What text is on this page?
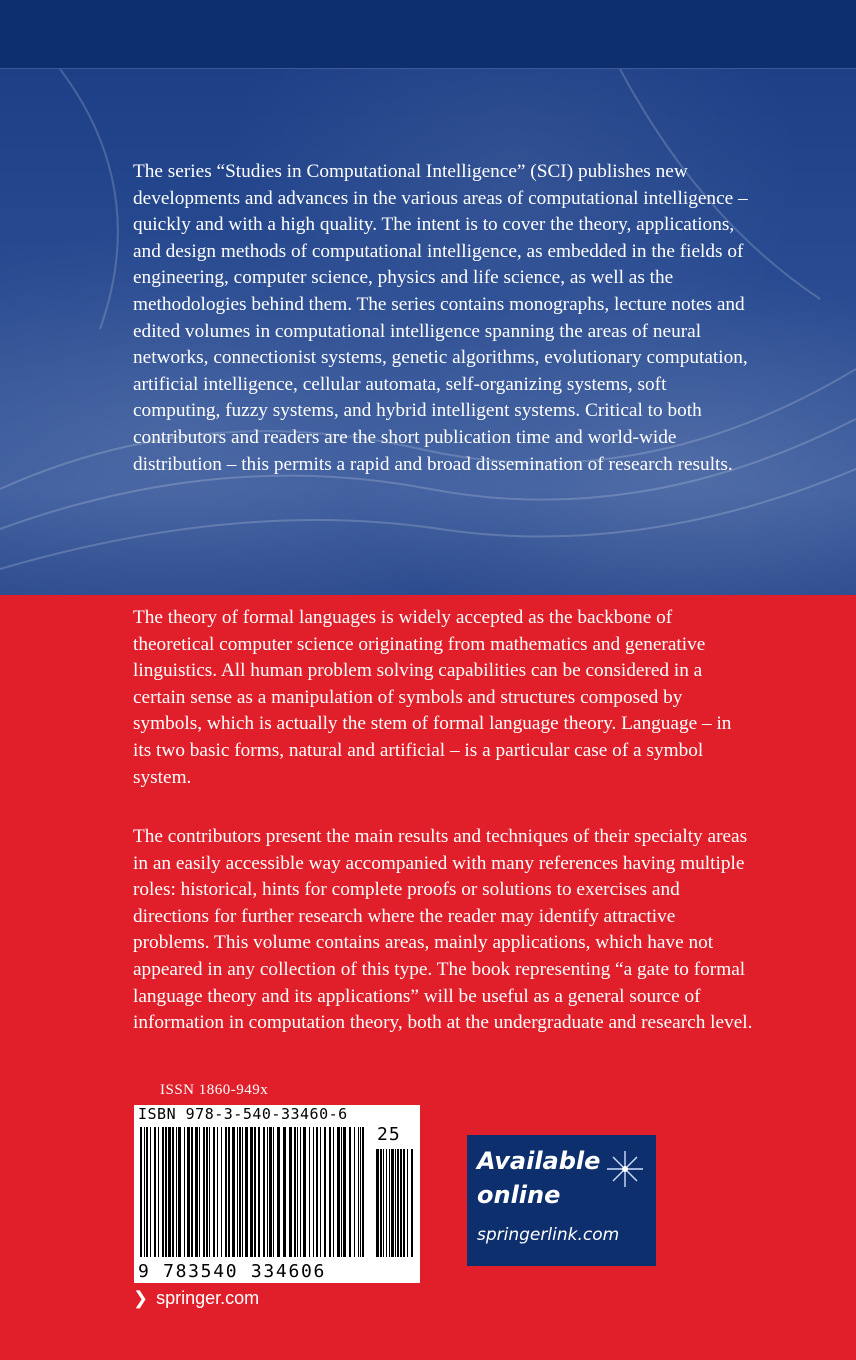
The series “Studies in Computational Intelligence” (SCI) publishes new developments and advances in the various areas of computational intelligence – quickly and with a high quality. The intent is to cover the theory, applications, and design methods of computational intelligence, as embedded in the fields of engineering, computer science, physics and life science, as well as the methodologies behind them. The series contains monographs, lecture notes and edited volumes in computational intelligence spanning the areas of neural networks, connectionist systems, genetic algorithms, evolutionary computation, artificial intelligence, cellular automata, self-organizing systems, soft computing, fuzzy systems, and hybrid intelligent systems. Critical to both contributors and readers are the short publication time and world-wide distribution – this permits a rapid and broad dissemination of research results.

The theory of formal languages is widely accepted as the backbone of theoretical computer science originating from mathematics and generative linguistics. All human problem solving capabilities can be considered in a certain sense as a manipulation of symbols and structures composed by symbols, which is actually the stem of formal language theory. Language – in its two basic forms, natural and artificial – is a particular case of a symbol system.

The contributors present the main results and techniques of their specialty areas in an easily accessible way accompanied with many references having multiple roles: historical, hints for complete proofs or solutions to exercises and directions for further research where the reader may identify attractive problems. This volume contains areas, mainly applications, which have not appeared in any collection of this type. The book representing “a gate to formal language theory and its applications” will be useful as a general source of information in computation theory, both at the undergraduate and research level.

ISSN 1860-949x
ISBN 978-3-540-33460-6
25
9 783540 334606
❯ springer.com
Available
online
springerlink.com
